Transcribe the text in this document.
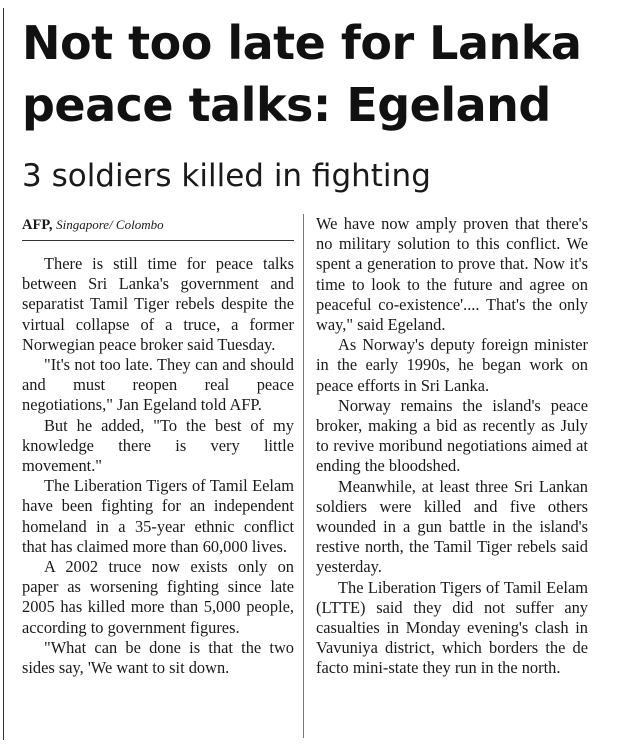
Not too late for Lanka
peace talks: Egeland
3 soldiers killed in fighting
AFP, Singapore/ Colombo

There is still time for peace talks between Sri Lanka's government and separatist Tamil Tiger rebels despite the virtual collapse of a truce, a former Norwegian peace broker said Tuesday.

"It's not too late. They can and should and must reopen real peace negotiations," Jan Egeland told AFP.

But he added, "To the best of my knowledge there is very little movement."

The Liberation Tigers of Tamil Eelam have been fighting for an independent homeland in a 35-year ethnic conflict that has claimed more than 60,000 lives.

A 2002 truce now exists only on paper as worsening fighting since late 2005 has killed more than 5,000 people, according to government figures.

"What can be done is that the two sides say, 'We want to sit down.

We have now amply proven that there's no military solution to this conflict. We spent a generation to prove that. Now it's time to look to the future and agree on peaceful co-existence'.... That's the only way," said Egeland.

As Norway's deputy foreign minister in the early 1990s, he began work on peace efforts in Sri Lanka.

Norway remains the island's peace broker, making a bid as recently as July to revive moribund negotiations aimed at ending the bloodshed.

Meanwhile, at least three Sri Lankan soldiers were killed and five others wounded in a gun battle in the island's restive north, the Tamil Tiger rebels said yesterday.

The Liberation Tigers of Tamil Eelam (LTTE) said they did not suffer any casualties in Monday evening's clash in Vavuniya district, which borders the de facto mini-state they run in the north.
